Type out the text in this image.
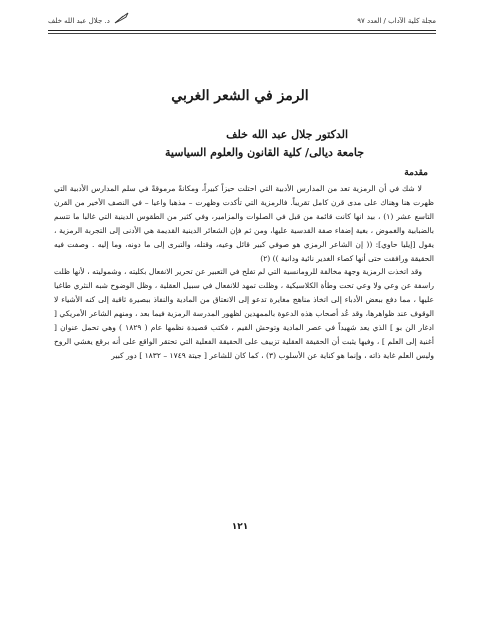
مجلة كلية الآداب / العدد ٩٧
د. جلال عبد الله خلف
الرمز في الشعر الغربي
الدكتور جلال عبد الله خلف
جامعة ديالى/ كلية القانون والعلوم السياسية
مقدمة

لا شك في أن الرمزية تعد من المدارس الأدبية التي احتلت حيزاً كبيراً، ومكانةً مرموقةً في سلم المدارس الأدبية التي ظهرت هنا وهناك على مدى قرن كامل تقريباً. فالرمزية التي تأكدت وظهرت – مذهبا واعيا – في النصف الأخير من القرن التاسع عشر (١) ، بيد انها كانت قائمة من قبل في الصلوات والمزامير، وفي كثير من الطقوس الدينية التي غالبا ما تتسم بالضبابية والغموض ، بغية إضفاء صفة القدسية عليها، ومن ثم فإن الشعائر الدينية القديمة هي الأدنى إلى التجربة الرمزية ، يقول [إيليا حاوي]: (( إن الشاعر الرمزي هو صوفي كبير قائل وعيه، وقتله، والتبرى إلى ما دونه، وما إليه . وصفت فيه الحقيقة ورافقت حتى أنها كصاء الغدير نائية ودانية )) (٢)

وقد اتخذت الرمزية وجهة مخالفة للرومانسية التي لم تفلح في التعبير عن تحرير الانفعال بكليته ، وشموليته ، لأنها ظلت راسفة عن وعي ولا وعي تحت وطأة الكلاسيكية ، وظلت تمهد للانفعال في سبيل العقلية ، وظل الوضوح شبه النثري طاغيا عليها ، مما دفع ببعض الأدباء إلى اتخاذ مناهج مغايرة تدعو إلى الانعتاق من المادية والنفاذ ببصيرة ثاقبة إلى كنه الأشياء لا الوقوف عند ظواهرها، وقد عُد أصحاب هذه الدعوة بالممهدين لظهور المدرسة الرمزية فيما بعد ، ومنهم الشاعر الأمريكي [ ادغار الن بو ] الذي يعد شهيداً في عصر المادية وتوحش القيم ، فكتب قصيدة نظمها عام ( ١٨٢٩ ) وهي تحمل عنوان [ أغنية إلى العلم ] ، وفيها يثبت أن الحقيقة العقلية تزييف على الحقيقة الفعلية التي تحتقر الواقع على أنه برقع يغشي الروح وليس العلم غاية ذاته ، وإنما هو كناية عن الأسلوب (٣) ، كما كان للشاعر [ جيتة ١٧٤٩ – ١٨٣٢ ] دور كبير

١٢١
